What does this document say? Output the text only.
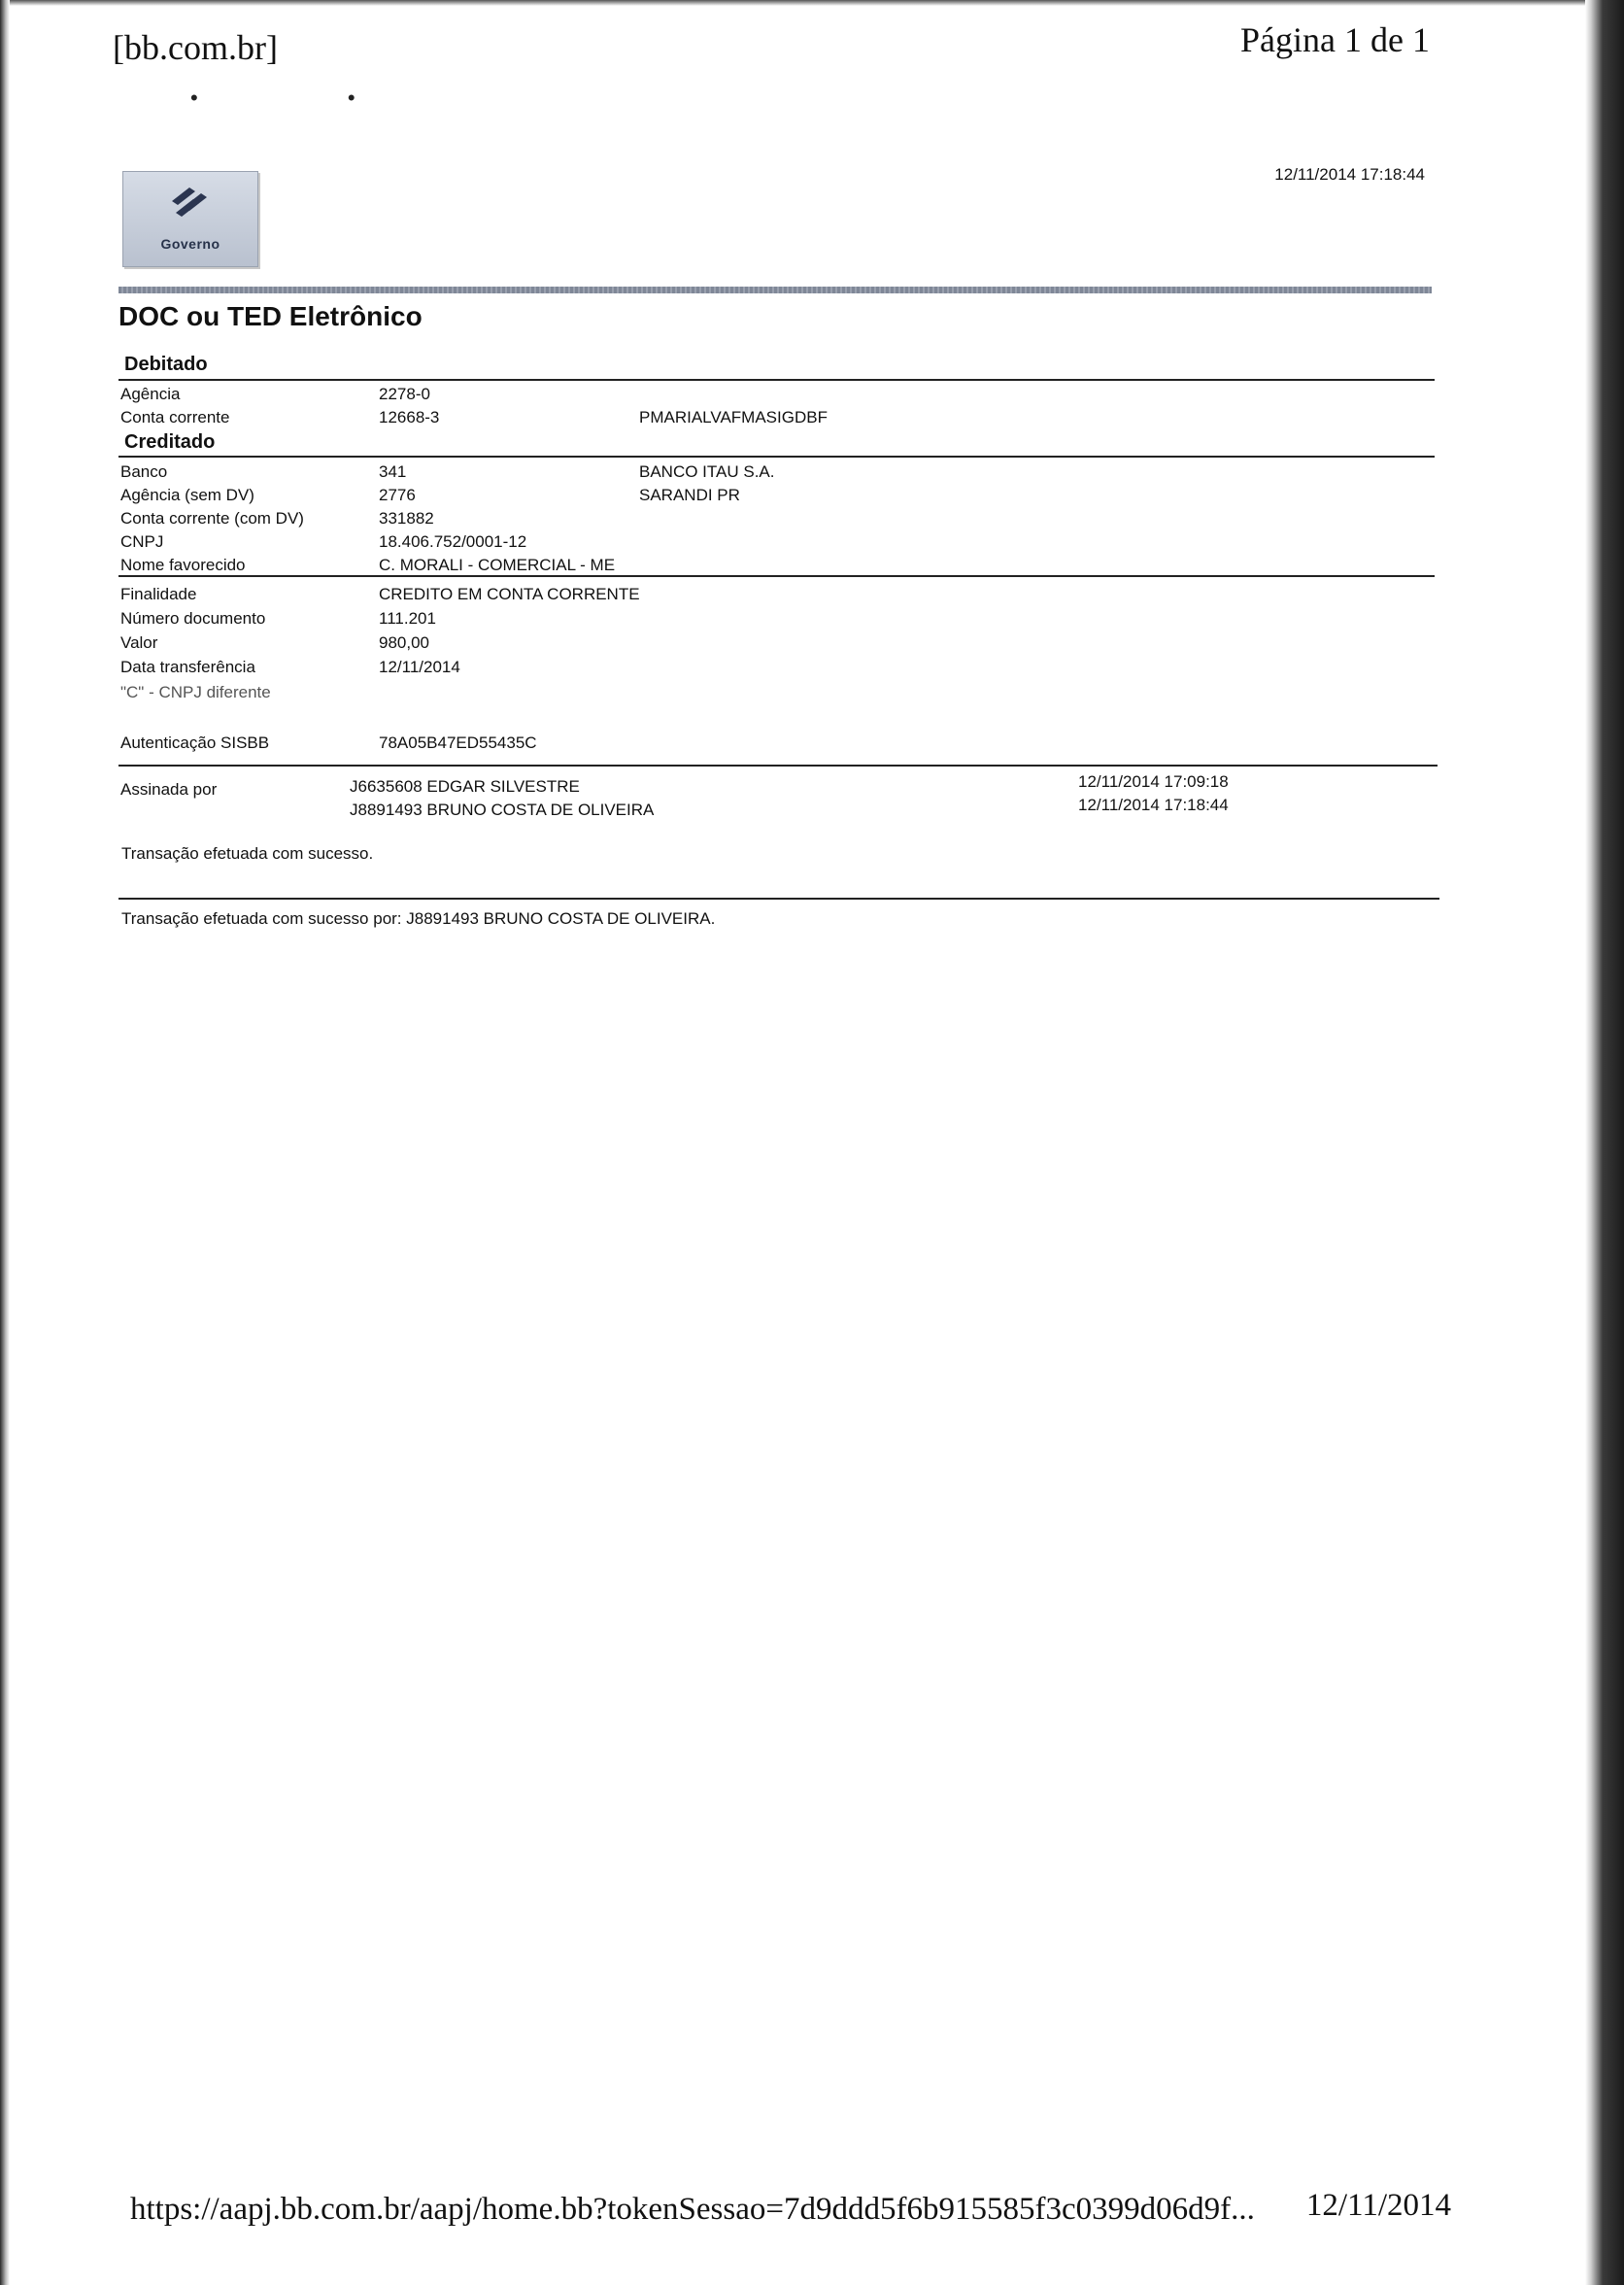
[bb.com.br]	Página 1 de 1
• •
12/11/2014 17:18:44
Governo
DOC ou TED Eletrônico
Debitado
Agência	2278-0
Conta corrente	12668-3	PMARIALVAFMASIGDBF
Creditado
Banco	341	BANCO ITAU S.A.
Agência (sem DV)	2776	SARANDI PR
Conta corrente (com DV)	331882
CNPJ	18.406.752/0001-12
Nome favorecido	C. MORALI - COMERCIAL - ME
Finalidade	CREDITO EM CONTA CORRENTE
Número documento	111.201
Valor	980,00
Data transferência	12/11/2014
"C" - CNPJ diferente
Autenticação SISBB	78A05B47ED55435C
Assinada por	J6635608 EDGAR SILVESTRE	12/11/2014 17:09:18
J8891493 BRUNO COSTA DE OLIVEIRA	12/11/2014 17:18:44
Transação efetuada com sucesso.
Transação efetuada com sucesso por: J8891493 BRUNO COSTA DE OLIVEIRA.
https://aapj.bb.com.br/aapj/home.bb?tokenSessao=7d9ddd5f6b915585f3c0399d06d9f... 12/11/2014
